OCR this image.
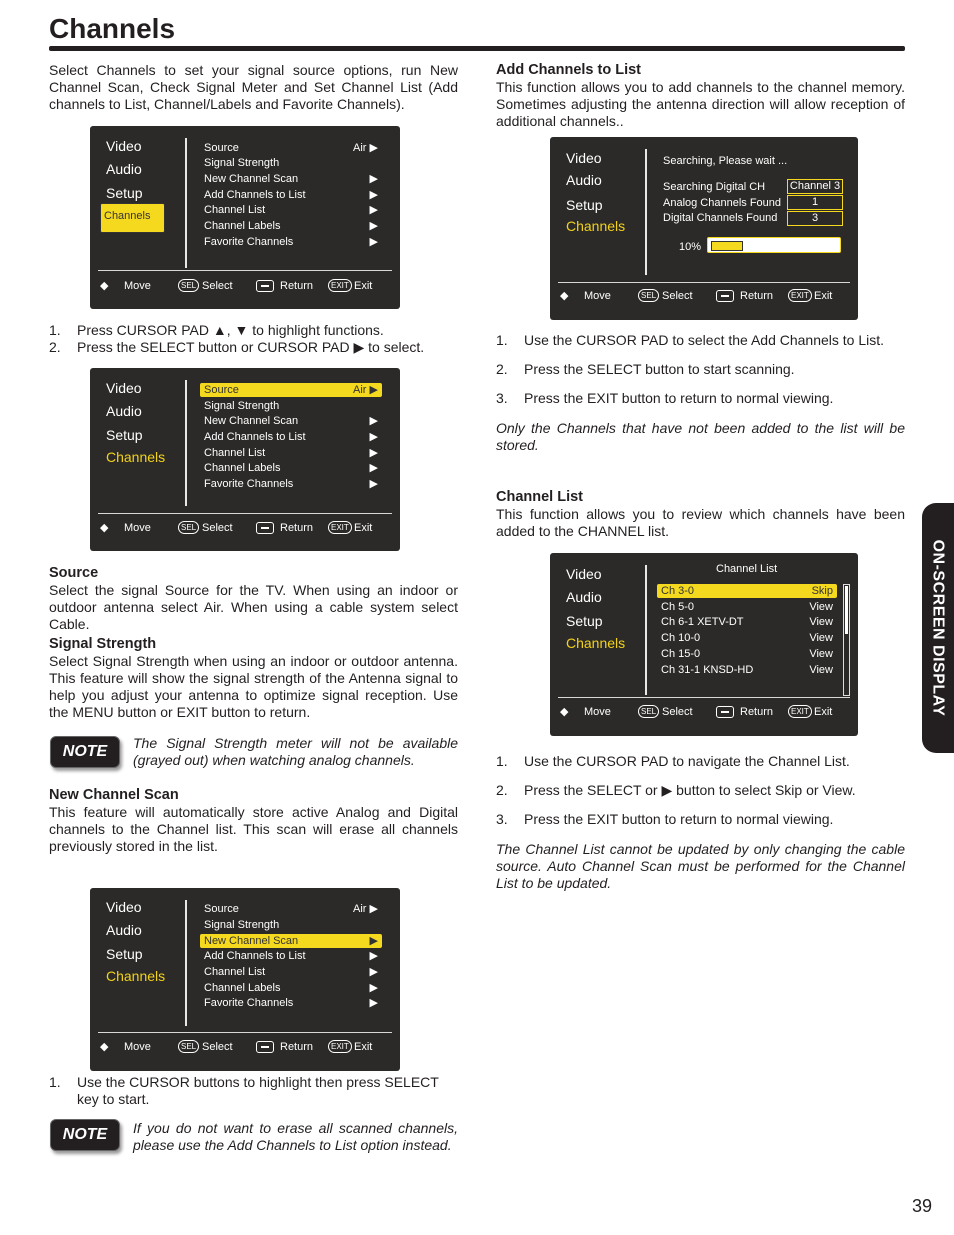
Channels

Select Channels to set your signal source options, run New Channel Scan, Check Signal Meter and Set Channel List (Add channels to List, Channel/Labels and Favorite Channels).

Video
Audio
Setup
Channels
Source	Air ▶
Signal Strength
New Channel Scan	▶
Add Channels to List	▶
Channel List	▶
Channel Labels	▶
Favorite Channels	▶
◆ Move	SEL Select	Return	EXIT Exit
1. Press CURSOR PAD ▲, ▼ to highlight functions.
2. Press the SELECT button or CURSOR PAD ▶ to select.
Video
Audio
Setup
Channels
Source	Air ▶
Signal Strength
New Channel Scan	▶
Add Channels to List	▶
Channel List	▶
Channel Labels	▶
Favorite Channels	▶
◆ Move	SEL Select	Return	EXIT Exit
Source

Select the signal Source for the TV. When using an indoor or outdoor antenna select Air. When using a cable system select Cable.

Signal Strength

Select Signal Strength when using an indoor or outdoor antenna. This feature will show the signal strength of the Antenna signal to help you adjust your antenna to optimize signal reception. Use the MENU button or EXIT button to return.

NOTE	The Signal Strength meter will not be available (grayed out) when watching analog channels.

New Channel Scan

This feature will automatically store active Analog and Digital channels to the Channel list. This scan will erase all channels previously stored in the list.

Video
Audio
Setup
Channels
Source	Air ▶
Signal Strength
New Channel Scan	▶
Add Channels to List	▶
Channel List	▶
Channel Labels	▶
Favorite Channels	▶
◆ Move	SEL Select	Return	EXIT Exit
1. Use the CURSOR buttons to highlight then press SELECT key to start.
NOTE	If you do not want to erase all scanned channels, please use the Add Channels to List option instead.

Add Channels to List

This function allows you to add channels to the channel memory. Sometimes adjusting the antenna direction will allow reception of additional channels..

Video
Audio
Setup
Channels
Searching, Please wait ...
Searching Digital CH Channel 3
Analog Channels Found	1
Digital Channels Found	3
10%
◆ Move	SEL Select	Return	EXIT Exit
1. Use the CURSOR PAD to select the Add Channels to List.
2. Press the SELECT button to start scanning.
3. Press the EXIT button to return to normal viewing.

Only the Channels that have not been added to the list will be stored.

Channel List

This function allows you to review which channels have been added to the CHANNEL list.

Video
Audio
Setup
Channels
Channel List
Ch 3-0	Skip
Ch 5-0	View
Ch 6-1 XETV-DT	View
Ch 10-0	View
Ch 15-0	View
Ch 31-1 KNSD-HD	View
◆ Move	SEL Select	Return	EXIT Exit
1. Use the CURSOR PAD to navigate the Channel List.
2. Press the SELECT or ▶ button to select Skip or View.
3. Press the EXIT button to return to normal viewing.

The Channel List cannot be updated by only changing the cable source. Auto Channel Scan must be performed for the Channel List to be updated.

ON-SCREEN DISPLAY
39
